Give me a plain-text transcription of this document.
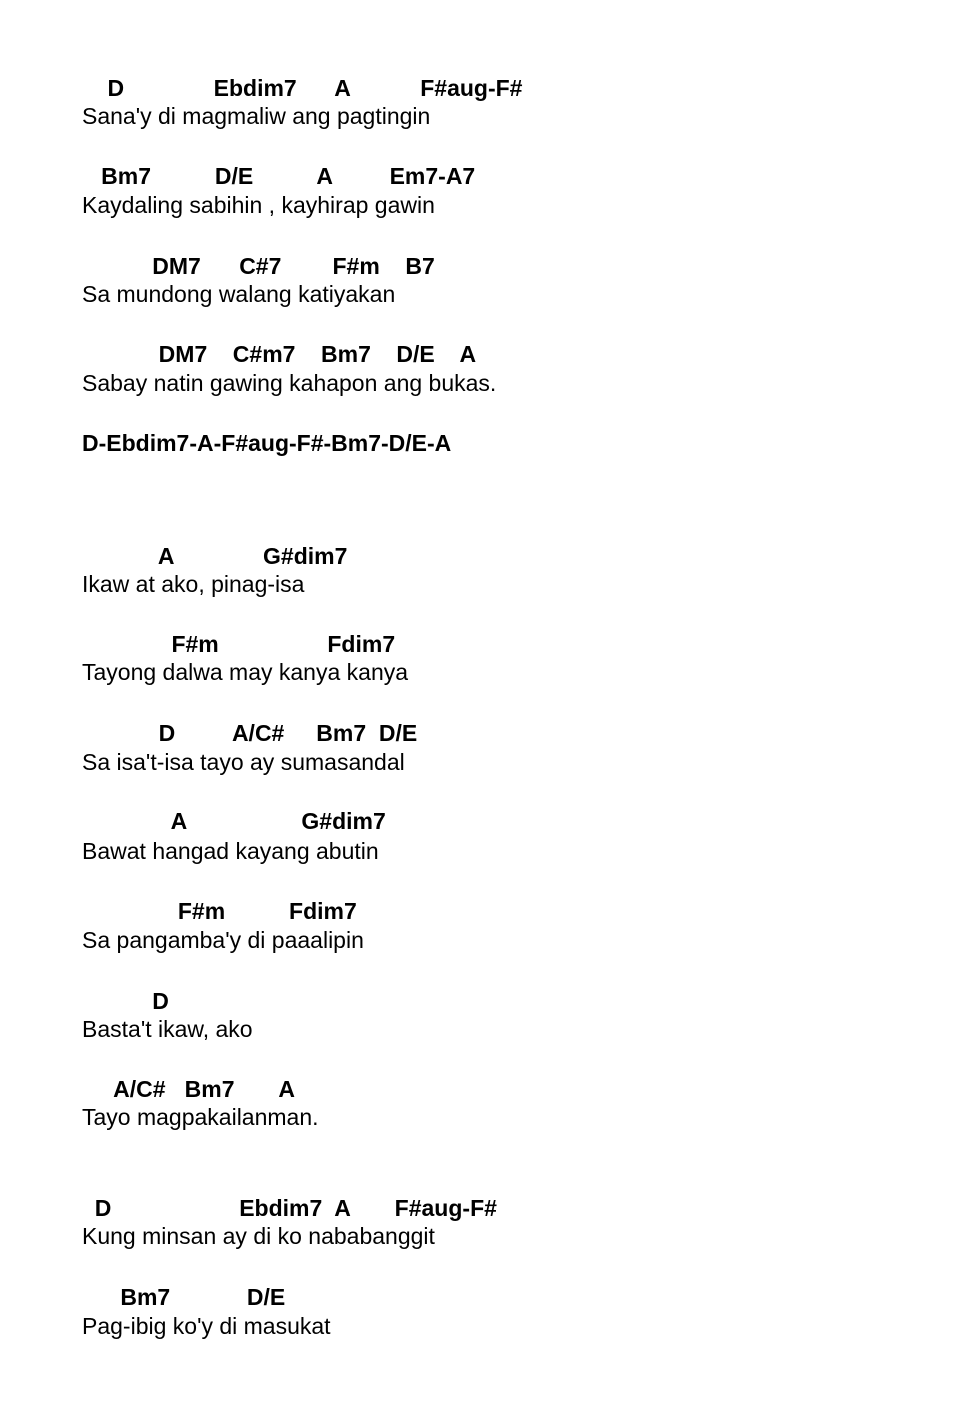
D              Ebdim7      A           F#aug-F#
Sana'y di magmaliw ang pagtingin
Bm7          D/E          A         Em7-A7
Kaydaling sabihin , kayhirap gawin
DM7      C#7        F#m    B7
Sa mundong walang katiyakan
DM7    C#m7    Bm7    D/E    A
Sabay natin gawing kahapon ang bukas.
D-Ebdim7-A-F#aug-F#-Bm7-D/E-A
A              G#dim7
Ikaw at ako, pinag-isa
F#m                 Fdim7
Tayong dalwa may kanya kanya
D         A/C#     Bm7  D/E
Sa isa't-isa tayo ay sumasandal
A                  G#dim7
Bawat hangad kayang abutin
F#m          Fdim7
Sa pangamba'y di paaalipin
D
Basta't ikaw, ako
A/C#   Bm7       A
Tayo magpakailanman.
D                    Ebdim7  A       F#aug-F#
Kung minsan ay di ko nababanggit
Bm7            D/E
Pag-ibig ko'y di masukat
